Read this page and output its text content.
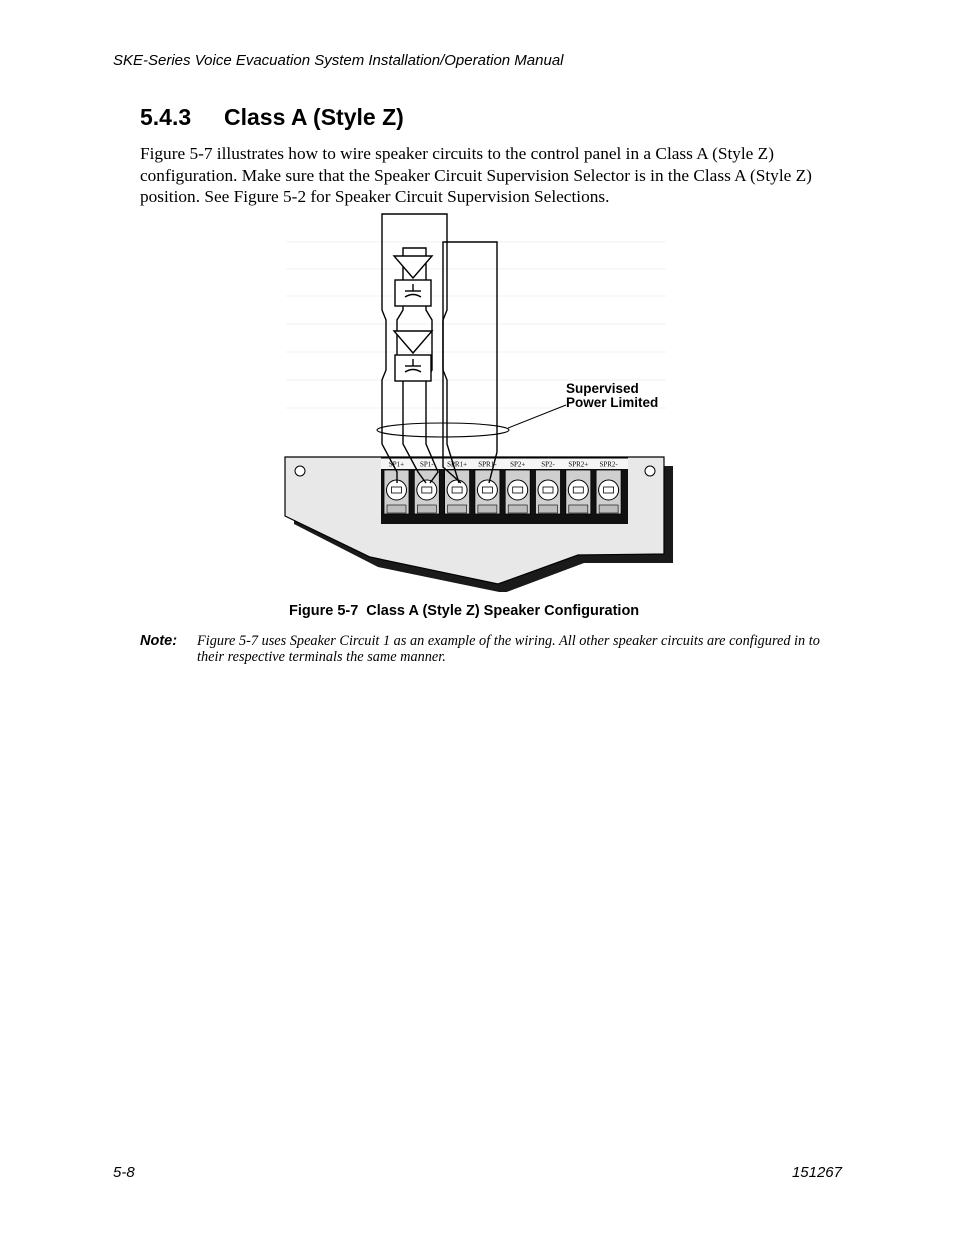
SKE-Series Voice Evacuation System Installation/Operation Manual
5.4.3 Class A (Style Z)

Figure 5-7 illustrates how to wire speaker circuits to the control panel in a Class A (Style Z) configuration. Make sure that the Speaker Circuit Supervision Selector is in the Class A (Style Z) position. See Figure 5-2 for Speaker Circuit Supervision Selections.

SP1+ SP1- SPR1+ SPR1- SP2+ SP2- SPR2+ SPR2-
Supervised
Power Limited
Figure 5-7 Class A (Style Z) Speaker Configuration
Note: Figure 5-7 uses Speaker Circuit 1 as an example of the wiring. All other speaker circuits are configured in to their respective terminals the same manner.

5-8	151267
